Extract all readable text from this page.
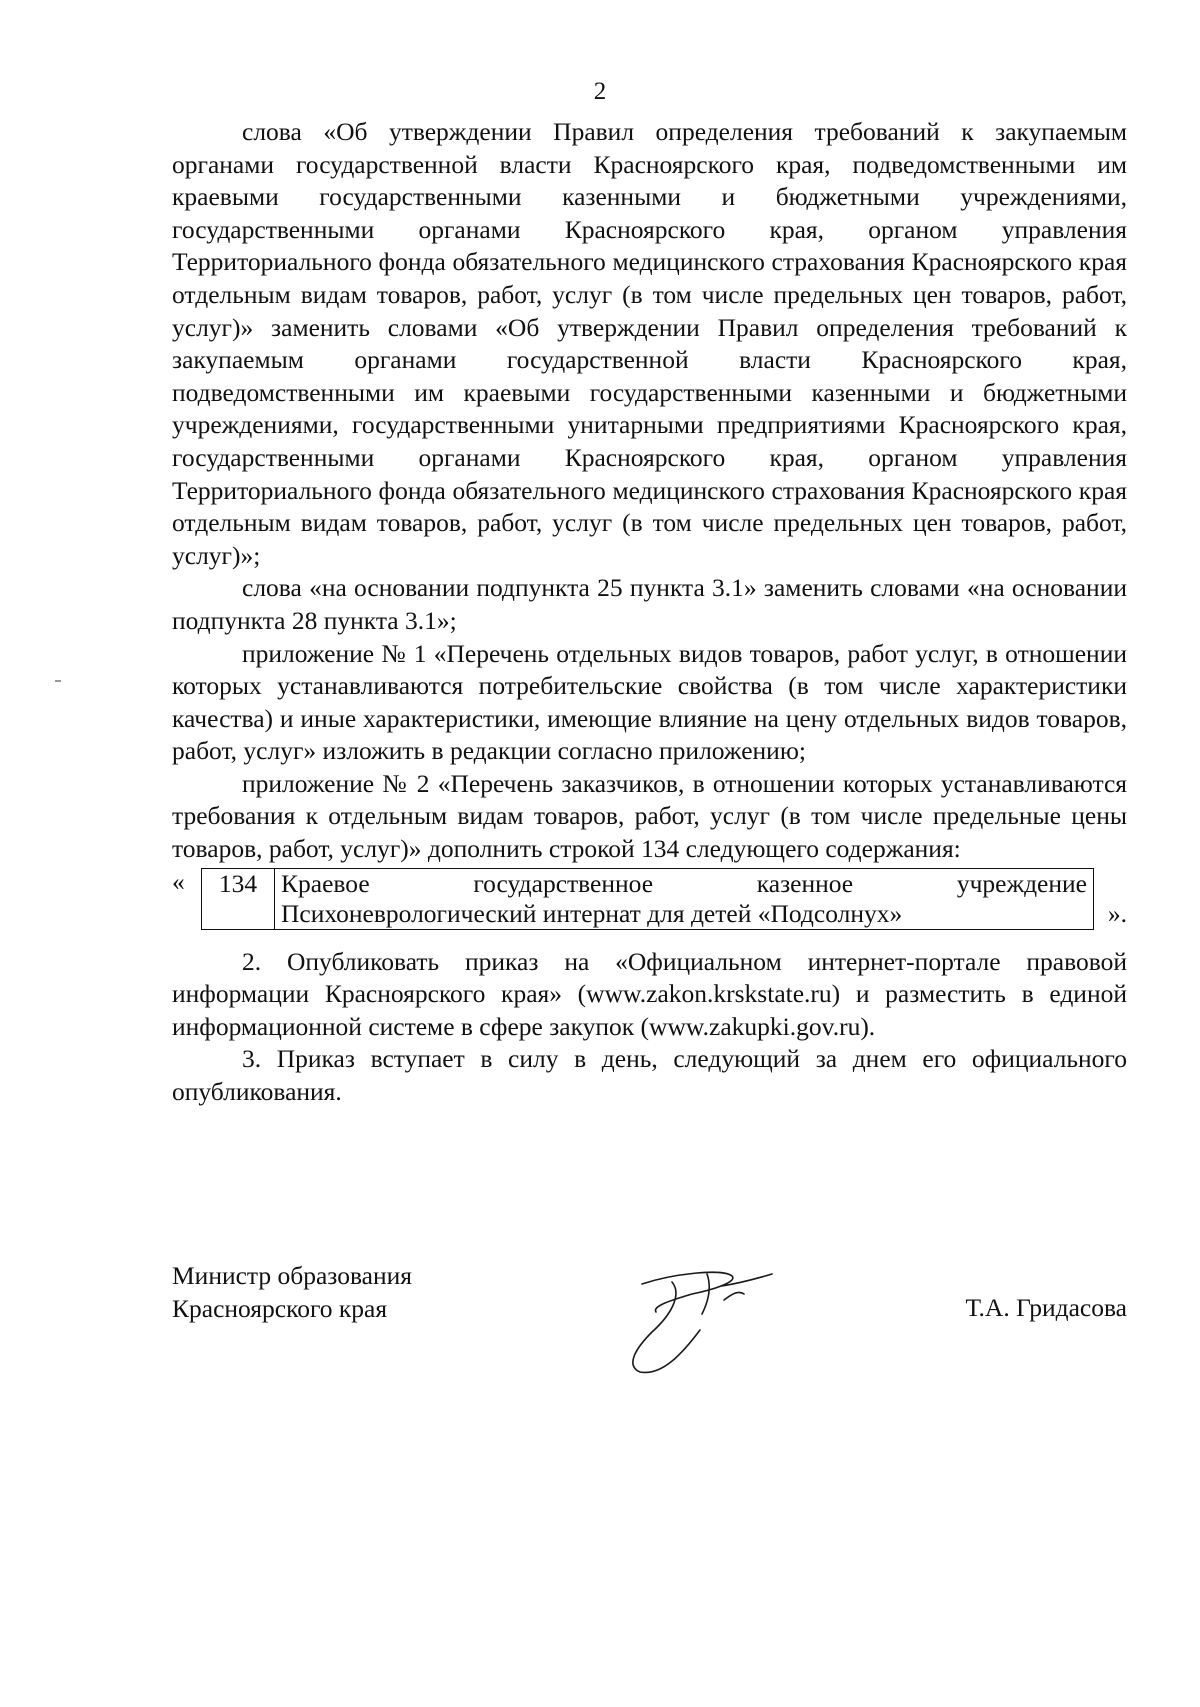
2

слова «Об утверждении Правил определения требований к закупаемым органами государственной власти Красноярского края, подведомственными им краевыми государственными казенными и бюджетными учреждениями, государственными органами Красноярского края, органом управления Территориального фонда обязательного медицинского страхования Красноярского края отдельным видам товаров, работ, услуг (в том числе предельных цен товаров, работ, услуг)» заменить словами «Об утверждении Правил определения требований к закупаемым органами государственной власти Красноярского края, подведомственными им краевыми государственными казенными и бюджетными учреждениями, государственными унитарными предприятиями Красноярского края, государственными органами Красноярского края, органом управления Территориального фонда обязательного медицинского страхования Красноярского края отдельным видам товаров, работ, услуг (в том числе предельных цен товаров, работ, услуг)»;

слова «на основании подпункта 25 пункта 3.1» заменить словами «на основании подпункта 28 пункта 3.1»;

приложение № 1 «Перечень отдельных видов товаров, работ услуг, в отношении которых устанавливаются потребительские свойства (в том числе характеристики качества) и иные характеристики, имеющие влияние на цену отдельных видов товаров, работ, услуг» изложить в редакции согласно приложению;

приложение № 2 «Перечень заказчиков, в отношении которых устанавливаются требования к отдельным видам товаров, работ, услуг (в том числе предельные цены товаров, работ, услуг)» дополнить строкой 134 следующего содержания:

« 134	Краевое государственное казенное учреждение
Психоневрологический интернат для детей «Подсолнух»	».

2. Опубликовать приказ на «Официальном интернет-портале правовой информации Красноярского края» (www.zakon.krskstate.ru) и разместить в единой информационной системе в сфере закупок (www.zakupki.gov.ru).

3. Приказ вступает в силу в день, следующий за днем его официального опубликования.

Министр образования
Красноярского края	Т.А. Гридасова
